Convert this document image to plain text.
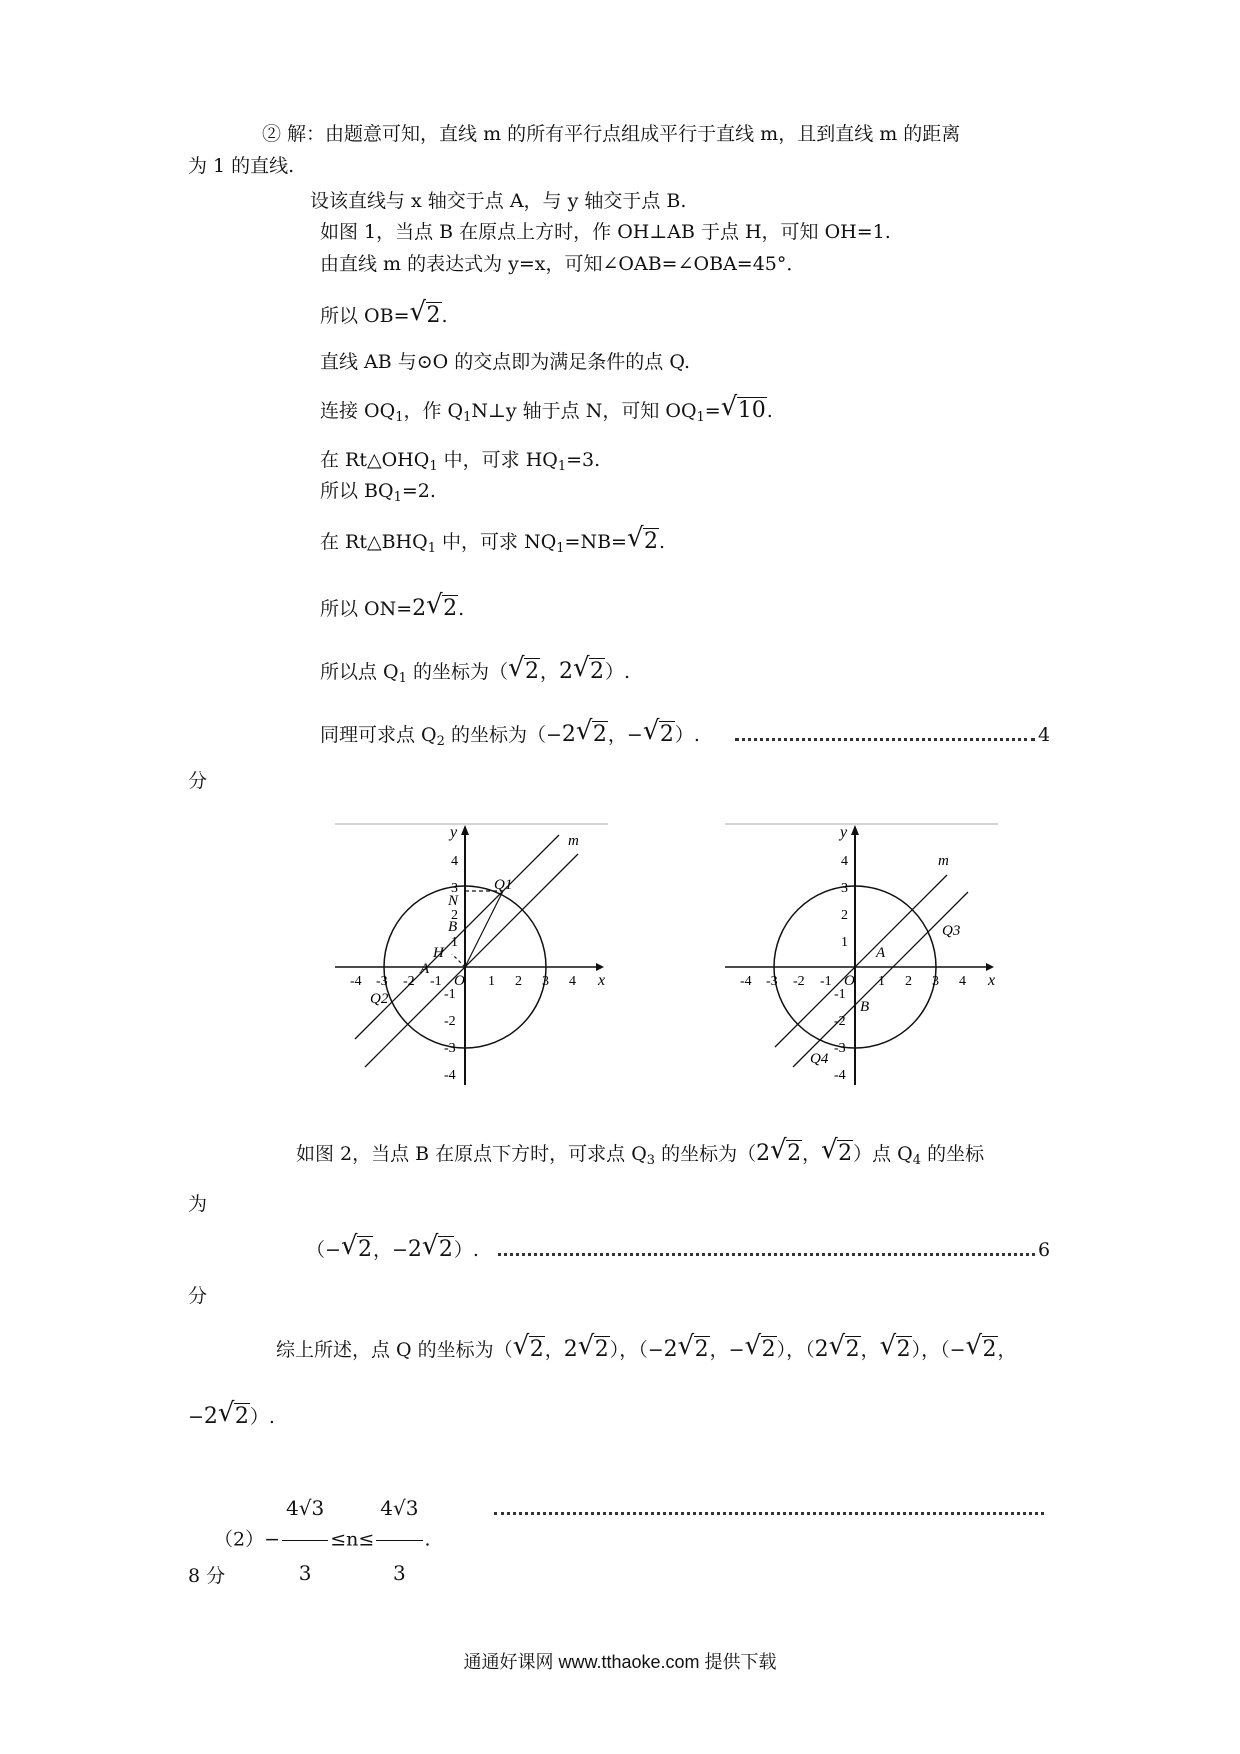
② 解：由题意可知，直线 m 的所有平行点组成平行于直线 m，且到直线 m 的距离
为 1 的直线.
设该直线与 x 轴交于点 A，与 y 轴交于点 B.
如图 1，当点 B 在原点上方时，作 OH⊥AB 于点 H，可知 OH=1.
由直线 m 的表达式为 y=x，可知∠OAB=∠OBA=45°．
所以 OB=√ 2.
直线 AB 与⊙O 的交点即为满足条件的点 Q.
连接 $OQ_1$，作 $Q_1N\perp y$ 轴于点 N，可知 $OQ_1=√$ 10.
在 $Rt\triangle OHQ_1$ 中，可求 $HQ_1=3$.
所以 $BQ_1=2$.
在 $Rt\triangle BHQ_1$ 中，可求 $NQ_1=NB=√$ 2.
所以 ON=2√ 2.
所以点 $Q_1$ 的坐标为（√ 2，2√ 2）.
同理可求点 $Q_2$ 的坐标为（−2√ 2，−√ 2）.	4
分
-4 -3 -2 -1	1 2 3 4
4
3
2
1
-1
-2
-3
-4
x
y
O
m
Q1
N
B
H
A
Q2
-4 -3 -2 -1	1 2 3 4
4
3
2
1
-1
-2
-3
-4
x
y
O
m
A
Q3
B
Q4
如图 2，当点 B 在原点下方时，可求点 $Q_3$ 的坐标为（2√ 2，√ 2）点 $Q_4$ 的坐标
为
（−√ 2，−2√ 2）.	6
分
综上所述，点 Q 的坐标为（√ 2，2√ 2），（−2√ 2，−√ 2），（2√ 2，√ 2），（−√ 2，
−2√ 2）.
$(2)- \frac{4√3}{3} \le n\le \frac{4√3}{3}$ .
8 分
通通好课网 www.tthaoke.com 提供下载
